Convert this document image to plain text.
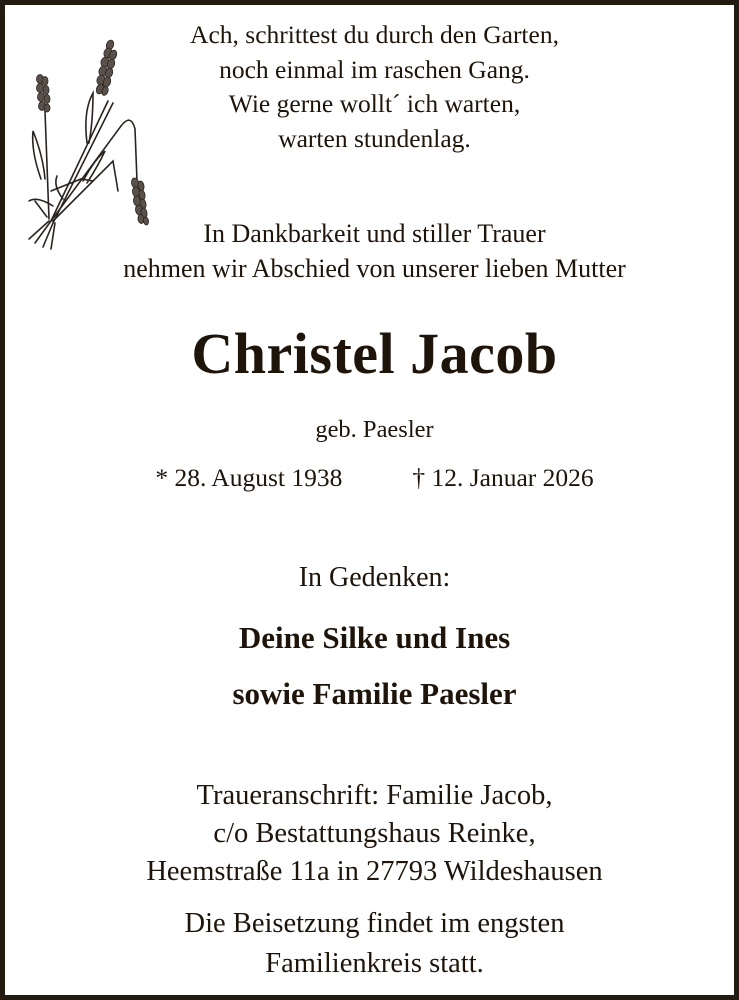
Ach, schrittest du durch den Garten,
noch einmal im raschen Gang.
Wie gerne wollt´ ich warten,
warten stundenlag.
In Dankbarkeit und stiller Trauer
nehmen wir Abschied von unserer lieben Mutter
Christel Jacob
geb. Paesler
* 28. August 1938	† 12. Januar 2026
In Gedenken:
Deine Silke und Ines
sowie Familie Paesler
Traueranschrift: Familie Jacob,
c/o Bestattungshaus Reinke,
Heemstraße 11a in 27793 Wildeshausen
Die Beisetzung findet im engsten
Familienkreis statt.
